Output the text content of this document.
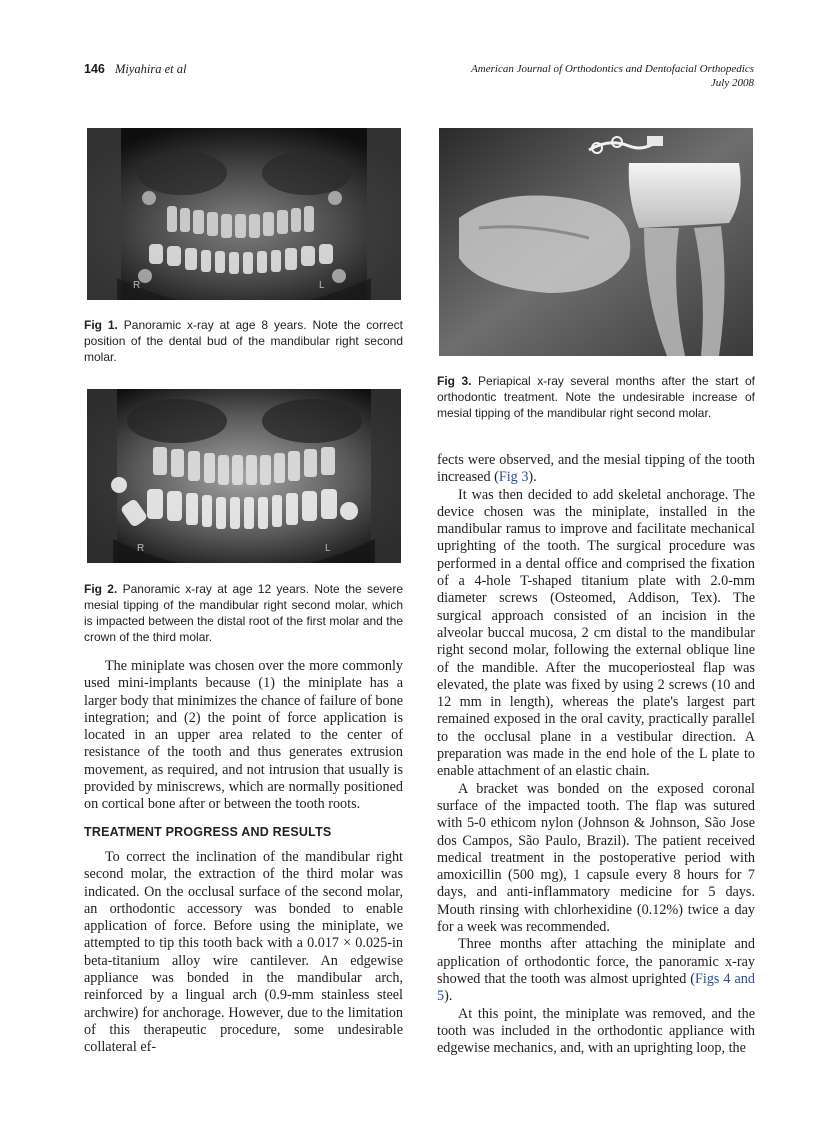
146 Miyahira et al	American Journal of Orthodontics and Dentofacial Orthopedics
July 2008
R	L
Fig 1. Panoramic x-ray at age 8 years. Note the correct position of the dental bud of the mandibular right second molar.
R	L
Fig 2. Panoramic x-ray at age 12 years. Note the severe mesial tipping of the mandibular right second molar, which is impacted between the distal root of the first molar and the crown of the third molar.

The miniplate was chosen over the more commonly used mini-implants because (1) the miniplate has a larger body that minimizes the chance of failure of bone integration; and (2) the point of force application is located in an upper area related to the center of resistance of the tooth and thus generates extrusion movement, as required, and not intrusion that usually is provided by miniscrews, which are normally positioned on cortical bone after or between the tooth roots.

TREATMENT PROGRESS AND RESULTS

To correct the inclination of the mandibular right second molar, the extraction of the third molar was indicated. On the occlusal surface of the second molar, an orthodontic accessory was bonded to enable application of force. Before using the miniplate, we attempted to tip this tooth back with a 0.017 × 0.025-in beta-titanium alloy wire cantilever. An edgewise appliance was bonded in the mandibular arch, reinforced by a lingual arch (0.9-mm stainless steel archwire) for anchorage. However, due to the limitation of this therapeutic procedure, some undesirable collateral ef-

Fig 3. Periapical x-ray several months after the start of orthodontic treatment. Note the undesirable increase of mesial tipping of the mandibular right second molar.

fects were observed, and the mesial tipping of the tooth increased (Fig 3).

It was then decided to add skeletal anchorage. The device chosen was the miniplate, installed in the mandibular ramus to improve and facilitate mechanical uprighting of the tooth. The surgical procedure was performed in a dental office and comprised the fixation of a 4-hole T-shaped titanium plate with 2.0-mm diameter screws (Osteomed, Addison, Tex). The surgical approach consisted of an incision in the alveolar buccal mucosa, 2 cm distal to the mandibular right second molar, following the external oblique line of the mandible. After the mucoperiosteal flap was elevated, the plate was fixed by using 2 screws (10 and 12 mm in length), whereas the plate's largest part remained exposed in the oral cavity, practically parallel to the occlusal plane in a vestibular direction. A preparation was made in the end hole of the L plate to enable attachment of an elastic chain.

A bracket was bonded on the exposed coronal surface of the impacted tooth. The flap was sutured with 5-0 ethicom nylon (Johnson & Johnson, São Jose dos Campos, São Paulo, Brazil). The patient received medical treatment in the postoperative period with amoxicillin (500 mg), 1 capsule every 8 hours for 7 days, and anti-inflammatory medicine for 5 days. Mouth rinsing with chlorhexidine (0.12%) twice a day for a week was recommended.

Three months after attaching the miniplate and application of orthodontic force, the panoramic x-ray showed that the tooth was almost uprighted (Figs 4 and 5).

At this point, the miniplate was removed, and the tooth was included in the orthodontic appliance with edgewise mechanics, and, with an uprighting loop, the
